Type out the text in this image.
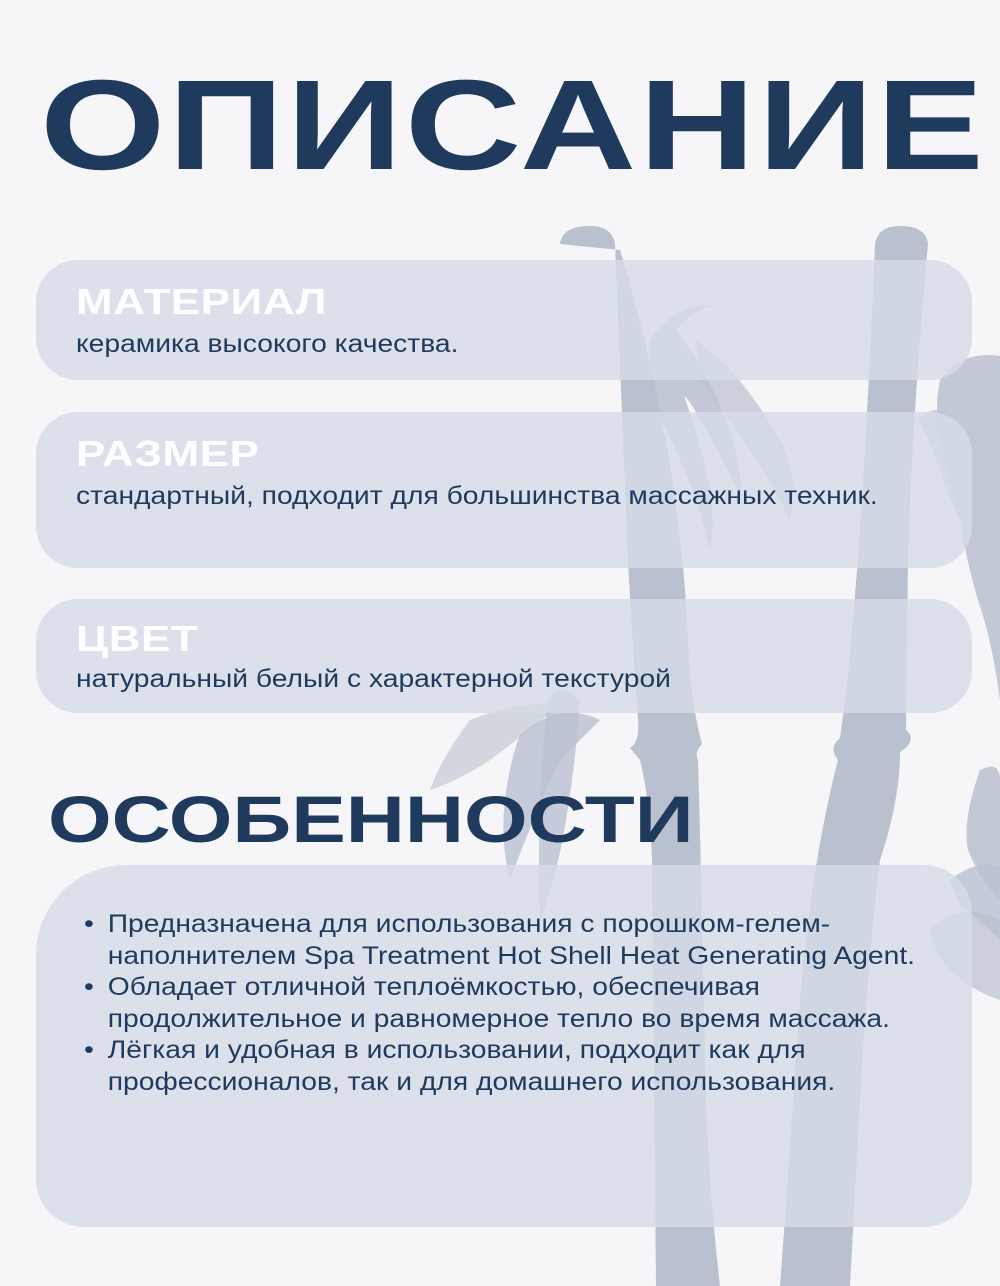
ОПИСАНИЕ
МАТЕРИАЛ
керамика высокого качества.
РАЗМЕР
стандартный, подходит для большинства массажных техник.
ЦВЕТ
натуральный белый с характерной текстурой
ОСОБЕННОСТИ
• Предназначена для использования с порошком-гелем-наполнителем Spa Treatment Hot Shell Heat Generating Agent.
• Обладает отличной теплоёмкостью, обеспечивая продолжительное и равномерное тепло во время массажа.
• Лёгкая и удобная в использовании, подходит как для профессионалов, так и для домашнего использования.
